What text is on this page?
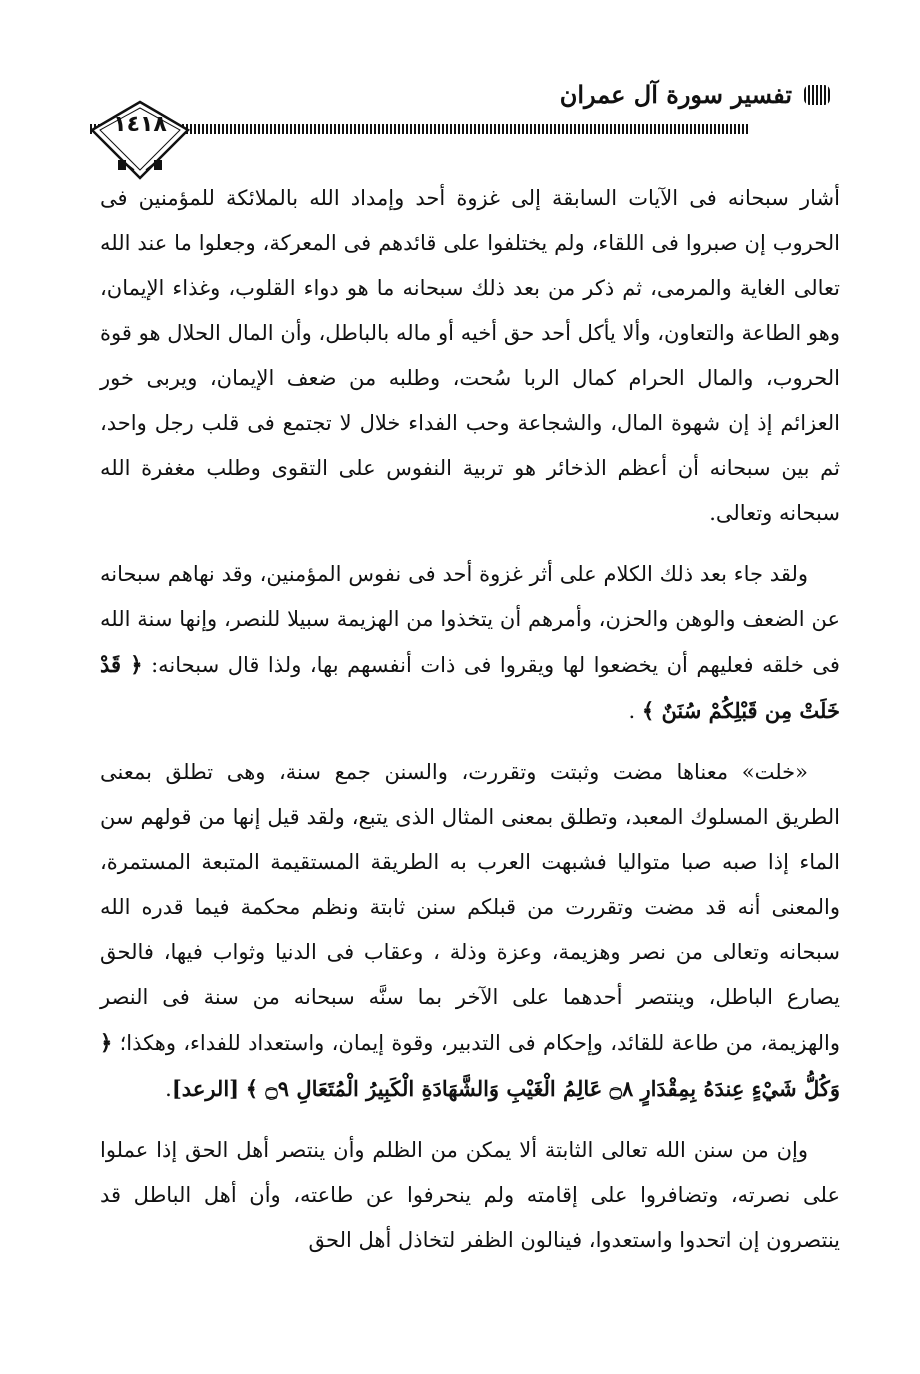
تفسير سورة آل عمران
١٤١٨

أشار سبحانه فى الآيات السابقة إلى غزوة أحد وإمداد الله بالملائكة للمؤمنين فى الحروب إن صبروا فى اللقاء، ولم يختلفوا على قائدهم فى المعركة، وجعلوا ما عند الله تعالى الغاية والمرمى، ثم ذكر من بعد ذلك سبحانه ما هو دواء القلوب، وغذاء الإيمان، وهو الطاعة والتعاون، وألا يأكل أحد حق أخيه أو ماله بالباطل، وأن المال الحلال هو قوة الحروب، والمال الحرام كمال الربا سُحت، وطلبه من ضعف الإيمان، ويربى خور العزائم إذ إن شهوة المال، والشجاعة وحب الفداء خلال لا تجتمع فى قلب رجل واحد، ثم بين سبحانه أن أعظم الذخائر هو تربية النفوس على التقوى وطلب مغفرة الله سبحانه وتعالى.

ولقد جاء بعد ذلك الكلام على أثر غزوة أحد فى نفوس المؤمنين، وقد نهاهم سبحانه عن الضعف والوهن والحزن، وأمرهم أن يتخذوا من الهزيمة سبيلا للنصر، وإنها سنة الله فى خلقه فعليهم أن يخضعوا لها ويقروا فى ذات أنفسهم بها، ولذا قال سبحانه: ﴿ قَدْ خَلَتْ مِن قَبْلِكُمْ سُنَنٌ ﴾ .

«خلت» معناها مضت وثبتت وتقررت، والسنن جمع سنة، وهى تطلق بمعنى الطريق المسلوك المعبد، وتطلق بمعنى المثال الذى يتبع، ولقد قيل إنها من قولهم سن الماء إذا صبه صبا متواليا فشبهت العرب به الطريقة المستقيمة المتبعة المستمرة، والمعنى أنه قد مضت وتقررت من قبلكم سنن ثابتة ونظم محكمة فيما قدره الله سبحانه وتعالى من نصر وهزيمة، وعزة وذلة ، وعقاب فى الدنيا وثواب فيها، فالحق يصارع الباطل، وينتصر أحدهما على الآخر بما سنَّه سبحانه من سنة فى النصر والهزيمة، من طاعة للقائد، وإحكام فى التدبير، وقوة إيمان، واستعداد للفداء، وهكذا؛ ﴿ وَكُلُّ شَيْءٍ عِندَهُ بِمِقْدَارٍ ۝٨ عَالِمُ الْغَيْبِ وَالشَّهَادَةِ الْكَبِيرُ الْمُتَعَالِ ۝٩ ﴾ [الرعد].

وإن من سنن الله تعالى الثابتة ألا يمكن من الظلم وأن ينتصر أهل الحق إذا عملوا على نصرته، وتضافروا على إقامته ولم ينحرفوا عن طاعته، وأن أهل الباطل قد ينتصرون إن اتحدوا واستعدوا، فينالون الظفر لتخاذل أهل الحق
